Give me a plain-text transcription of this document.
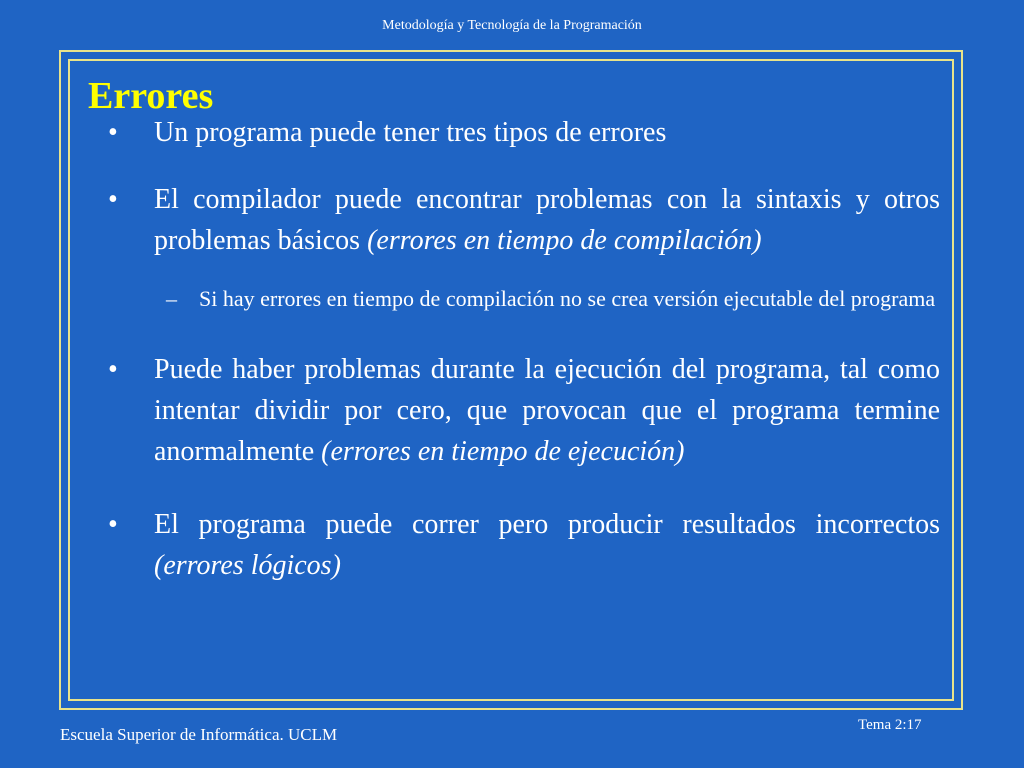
Metodología y Tecnología de la Programación
Errores
•	Un programa puede tener tres tipos de errores
•	El compilador puede encontrar problemas con la sintaxis y otros problemas básicos (errores en tiempo de compilación)
–	Si hay errores en tiempo de compilación no se crea versión ejecutable del programa
•	Puede haber problemas durante la ejecución del programa, tal como intentar dividir por cero, que provocan que el programa termine anormalmente (errores en tiempo de ejecución)
•	El programa puede correr pero producir resultados incorrectos (errores lógicos)
Escuela Superior de Informática. UCLM	Tema 2:17
